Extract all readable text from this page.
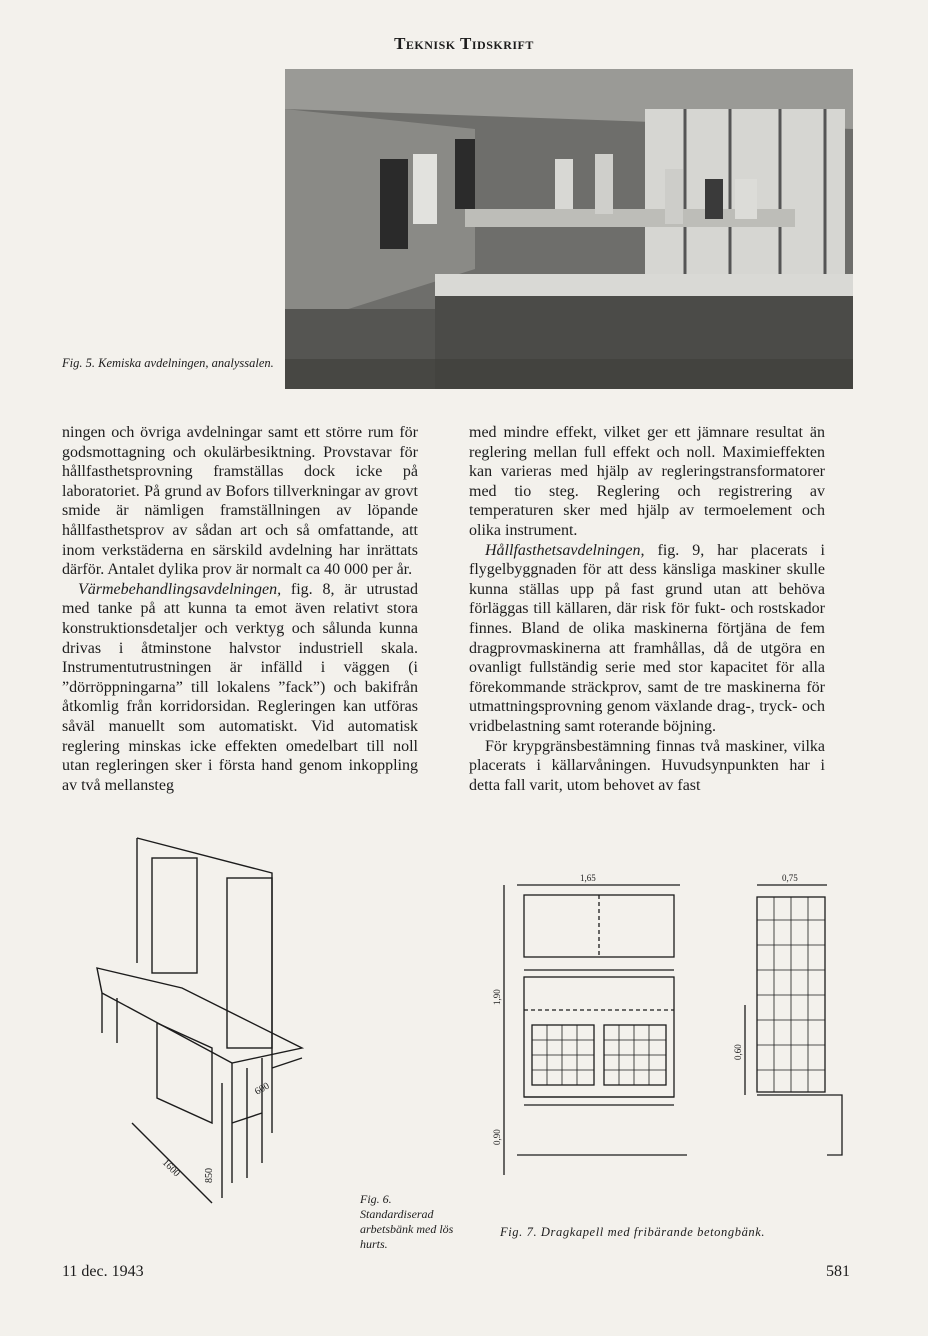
Teknisk Tidskrift
Fig. 5. Kemiska avdelningen, analyssalen.

ningen och övriga avdelningar samt ett större rum för godsmottagning och okulärbesiktning. Provstavar för hållfasthetsprovning framställas dock icke på laboratoriet. På grund av Bofors tillverkningar av grovt smide är nämligen framställningen av löpande hållfasthetsprov av sådan art och så omfattande, att inom verkstäderna en särskild avdelning har inrättats därför. Antalet dylika prov är normalt ca 40 000 per år.

Värmebehandlingsavdelningen, fig. 8, är utrustad med tanke på att kunna ta emot även relativt stora konstruktionsdetaljer och verktyg och sålunda kunna drivas i åtminstone halvstor industriell skala. Instrumentutrustningen är infälld i väggen (i ”dörröppningarna” till lokalens ”fack”) och bakifrån åtkomlig från korridorsidan. Regleringen kan utföras såväl manuellt som automatiskt. Vid automatisk reglering minskas icke effekten omedelbart till noll utan regleringen sker i första hand genom inkoppling av två mellansteg

med mindre effekt, vilket ger ett jämnare resultat än reglering mellan full effekt och noll. Maximieffekten kan varieras med hjälp av regleringstransformatorer med tio steg. Reglering och registrering av temperaturen sker med hjälp av termoelement och olika instrument.

Hållfasthetsavdelningen, fig. 9, har placerats i flygelbyggnaden för att dess känsliga maskiner skulle kunna ställas upp på fast grund utan att behöva förläggas till källaren, där risk för fukt- och rostskador finnes. Bland de olika maskinerna förtjäna de fem dragprovmaskinerna att framhållas, då de utgöra en ovanligt fullständig serie med stor kapacitet för alla förekommande sträckprov, samt de tre maskinerna för utmattningsprovning genom växlande drag-, tryck- och vridbelastning samt roterande böjning.

För krypgränsbestämning finnas två maskiner, vilka placerats i källarvåningen. Huvudsynpunkten har i detta fall varit, utom behovet av fast

600
1600 850
Fig. 6. Standardiserad arbetsbänk med lös hurts.
1,65	0,75
1,90
0,60
0,90
Fig. 7. Dragkapell med fribärande betongbänk.
11 dec. 1943	581
